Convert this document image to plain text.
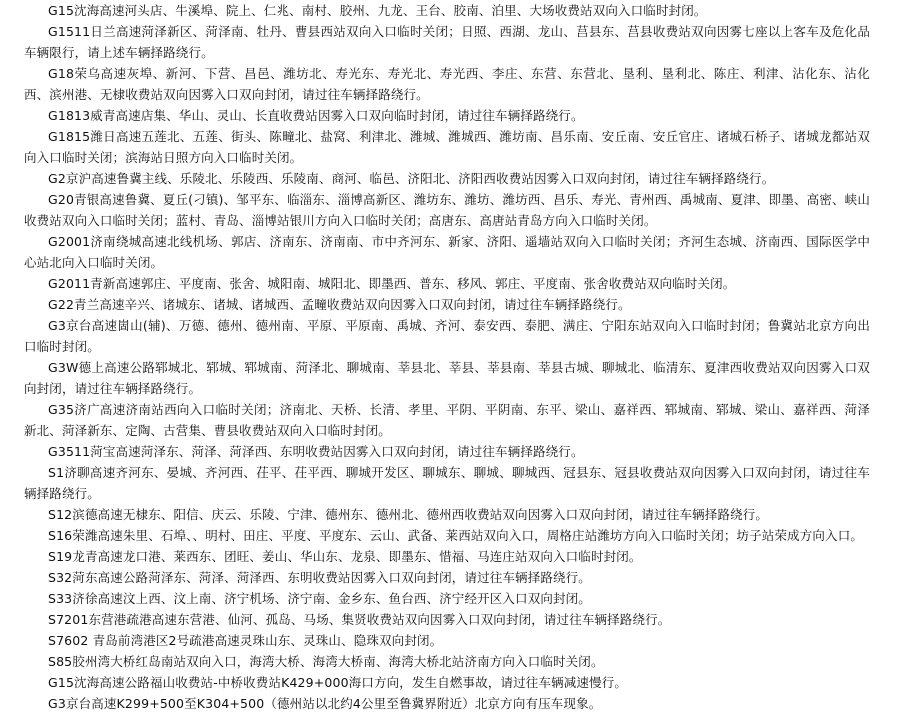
G15沈海高速河头店、牛溪埠、院上、仁兆、南村、胶州、九龙、王台、胶南、泊里、大场收费站双向入口临时封闭。

G1511日兰高速菏泽新区、菏泽南、牡丹、曹县西站双向入口临时关闭；日照、西湖、龙山、莒县东、莒县收费站双向因雾七座以上客车及危化品车辆限行，请上述车辆择路绕行。

G18荣乌高速灰埠、新河、下营、昌邑、潍坊北、寿光东、寿光北、寿光西、李庄、东营、东营北、垦利、垦利北、陈庄、利津、沾化东、沾化西、滨州港、无棣收费站双向因雾入口双向封闭，请过往车辆择路绕行。

G1813威青高速店集、华山、灵山、长直收费站因雾入口双向临时封闭，请过往车辆择路绕行。

G1815潍日高速五莲北、五莲、街头、陈疃北、盐窝、利津北、潍城、潍城西、潍坊南、昌乐南、安丘南、安丘官庄、诸城石桥子、诸城龙都站双向入口临时关闭；滨海站日照方向入口临时关闭。

G2京沪高速鲁冀主线、乐陵北、乐陵西、乐陵南、商河、临邑、济阳北、济阳西收费站因雾入口双向封闭，请过往车辆择路绕行。

G20青银高速鲁冀、夏丘(刁镇)、邹平东、临淄东、淄博高新区、潍坊东、潍坊、潍坊西、昌乐、寿光、青州西、禹城南、夏津、即墨、高密、峡山收费站双向入口临时关闭；蓝村、青岛、淄博站银川方向入口临时关闭；高唐东、高唐站青岛方向入口临时关闭。

G2001济南绕城高速北线机场、郭店、济南东、济南南、市中齐河东、新家、济阳、遥墙站双向入口临时关闭；齐河生态城、济南西、国际医学中心站北向入口临时关闭。

G2011青新高速郭庄、平度南、张舍、城阳南、城阳北、即墨西、普东、移风、郭庄、平度南、张舍收费站双向临时关闭。

G22青兰高速辛兴、诸城东、诸城、诸城西、孟疃收费站双向因雾入口双向封闭，请过往车辆择路绕行。

G3京台高速崮山(辅)、万德、德州、德州南、平原、平原南、禹城、齐河、泰安西、泰肥、满庄、宁阳东站双向入口临时封闭；鲁冀站北京方向出口临时封闭。

G3W德上高速公路郓城北、郓城、郓城南、菏泽北、聊城南、莘县北、莘县、莘县南、莘县古城、聊城北、临清东、夏津西收费站双向因雾入口双向封闭，请过往车辆择路绕行。

G35济广高速济南站西向入口临时关闭；济南北、天桥、长清、孝里、平阴、平阴南、东平、梁山、嘉祥西、郓城南、郓城、梁山、嘉祥西、菏泽新北、菏泽新东、定陶、古营集、曹县收费站双向入口临时封闭。

G3511菏宝高速菏泽东、菏泽、菏泽西、东明收费站因雾入口双向封闭，请过往车辆择路绕行。

S1济聊高速齐河东、晏城、齐河西、茌平、茌平西、聊城开发区、聊城东、聊城、聊城西、冠县东、冠县收费站双向因雾入口双向封闭，请过往车辆择路绕行。

S12滨德高速无棣东、阳信、庆云、乐陵、宁津、德州东、德州北、德州西收费站双向因雾入口双向封闭，请过往车辆择路绕行。

S16荣潍高速朱里、石埠、、明村、田庄、平度、平度东、云山、武备、莱西站双向入口，周格庄站潍坊方向入口临时关闭；坊子站荣成方向入口。

S19龙青高速龙口港、莱西东、团旺、姜山、华山东、龙泉、即墨东、惜福、马连庄站双向入口临时封闭。

S32菏东高速公路菏泽东、菏泽、菏泽西、东明收费站因雾入口双向封闭，请过往车辆择路绕行。

S33济徐高速汶上西、汶上南、济宁机场、济宁南、金乡东、鱼台西、济宁经开区入口双向封闭。

S7201东营港疏港高速东营港、仙河、孤岛、马场、集贤收费站双向因雾入口双向封闭，请过往车辆择路绕行。

S7602 青岛前湾港区2号疏港高速灵珠山东、灵珠山、隐珠双向封闭。

S85胶州湾大桥红岛南站双向入口，海湾大桥、海湾大桥南、海湾大桥北站济南方向入口临时关闭。

G15沈海高速公路福山收费站-中桥收费站K429+000海口方向，发生自燃事故，请过往车辆减速慢行。

G3京台高速K299+500至K304+500（德州站以北约4公里至鲁冀界附近）北京方向有压车现象。
